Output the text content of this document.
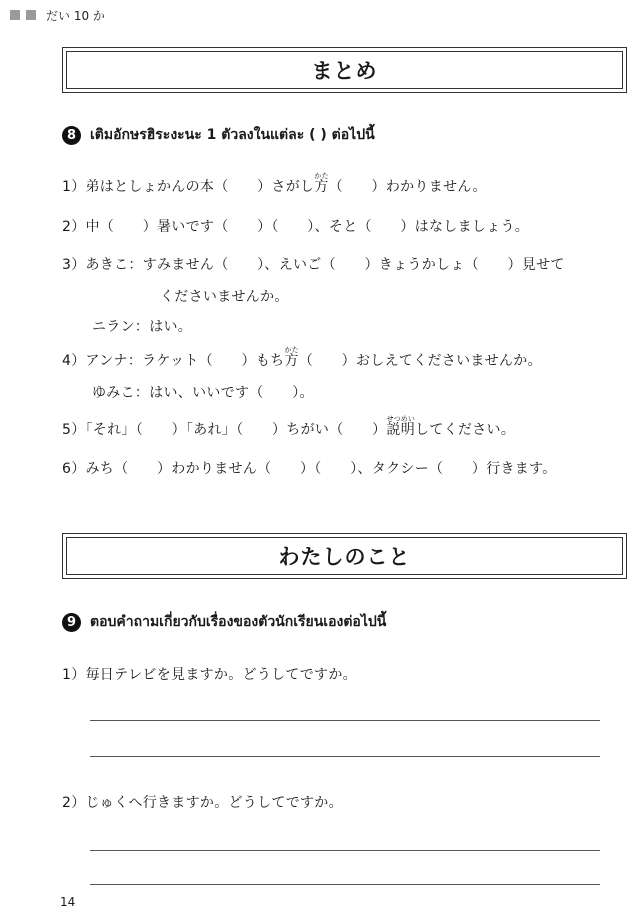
だい 10 か
まとめ
8 เติมอักษรฮิระงะนะ 1 ตัวลงในแต่ละ ( ) ต่อไปนี้
1）弟はとしょかんの本（　　）さがし方かた（　　）わかりません。
2）中（　　）暑いです（　　）（　　）、そと（　　）はなしましょう。
3）あきこ：すみません（　　）、えいご（　　）きょうかしょ（　　）見せて
くださいませんか。
ニラン：はい。
4）アンナ：ラケット（　　）もち方かた（　　）おしえてくださいませんか。
ゆみこ：はい、いいです（　　）。
5）「それ」（　　）「あれ」（　　）ちがい（　　）説明せつめいしてください。
6）みち（　　）わかりません（　　）（　　）、タクシー（　　）行きます。
わたしのこと
9 ตอบคำถามเกี่ยวกับเรื่องของตัวนักเรียนเองต่อไปนี้
1）毎日テレビを見ますか。どうしてですか。
2）じゅくへ行きますか。どうしてですか。
14
